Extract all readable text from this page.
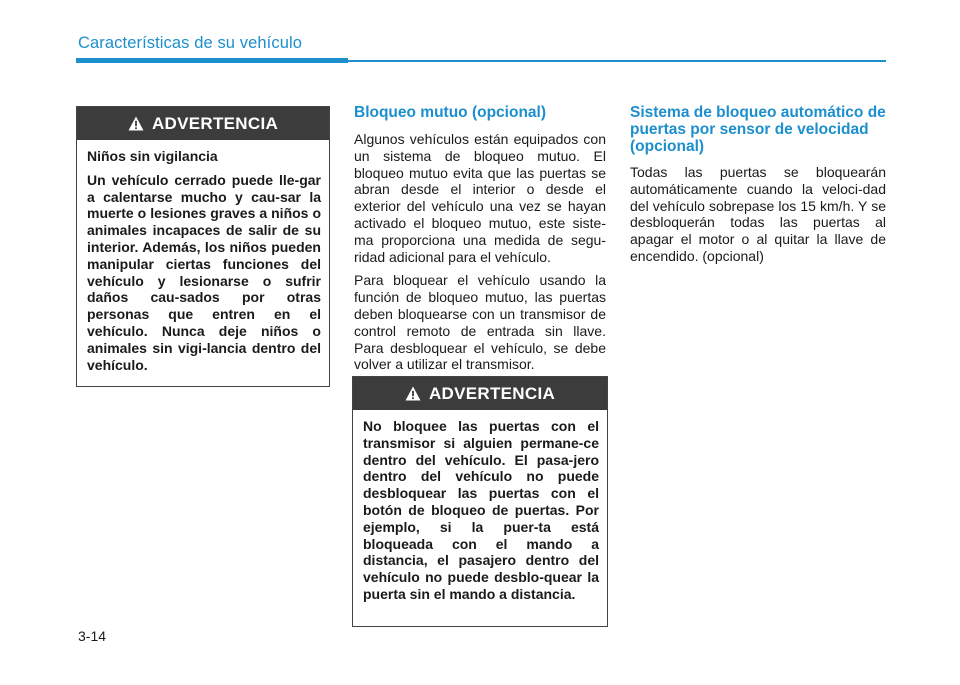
Características de su vehículo
ADVERTENCIA

Niños sin vigilancia

Un vehículo cerrado puede lle-gar a calentarse mucho y cau-sar la muerte o lesiones graves a niños o animales incapaces de salir de su interior. Además, los niños pueden manipular ciertas funciones del vehículo y lesionarse o sufrir daños cau-sados por otras personas que entren en el vehículo. Nunca deje niños o animales sin vigi-lancia dentro del vehículo.

Bloqueo mutuo (opcional)

Algunos vehículos están equipados con un sistema de bloqueo mutuo. El bloqueo mutuo evita que las puertas se abran desde el interior o desde el exterior del vehículo una vez se hayan activado el bloqueo mutuo, este siste-ma proporciona una medida de segu-ridad adicional para el vehículo.

Para bloquear el vehículo usando la función de bloqueo mutuo, las puertas deben bloquearse con un transmisor de control remoto de entrada sin llave. Para desbloquear el vehículo, se debe volver a utilizar el transmisor.

ADVERTENCIA

No bloquee las puertas con el transmisor si alguien permane-ce dentro del vehículo. El pasa-jero dentro del vehículo no puede desbloquear las puertas con el botón de bloqueo de puertas. Por ejemplo, si la puer-ta está bloqueada con el mando a distancia, el pasajero dentro del vehículo no puede desblo-quear la puerta sin el mando a distancia.

Sistema de bloqueo automático de puertas por sensor de velocidad (opcional)

Todas las puertas se bloquearán automáticamente cuando la veloci-dad del vehículo sobrepase los 15 km/h. Y se desbloquerán todas las puertas al apagar el motor o al quitar la llave de encendido. (opcional)

3-14
